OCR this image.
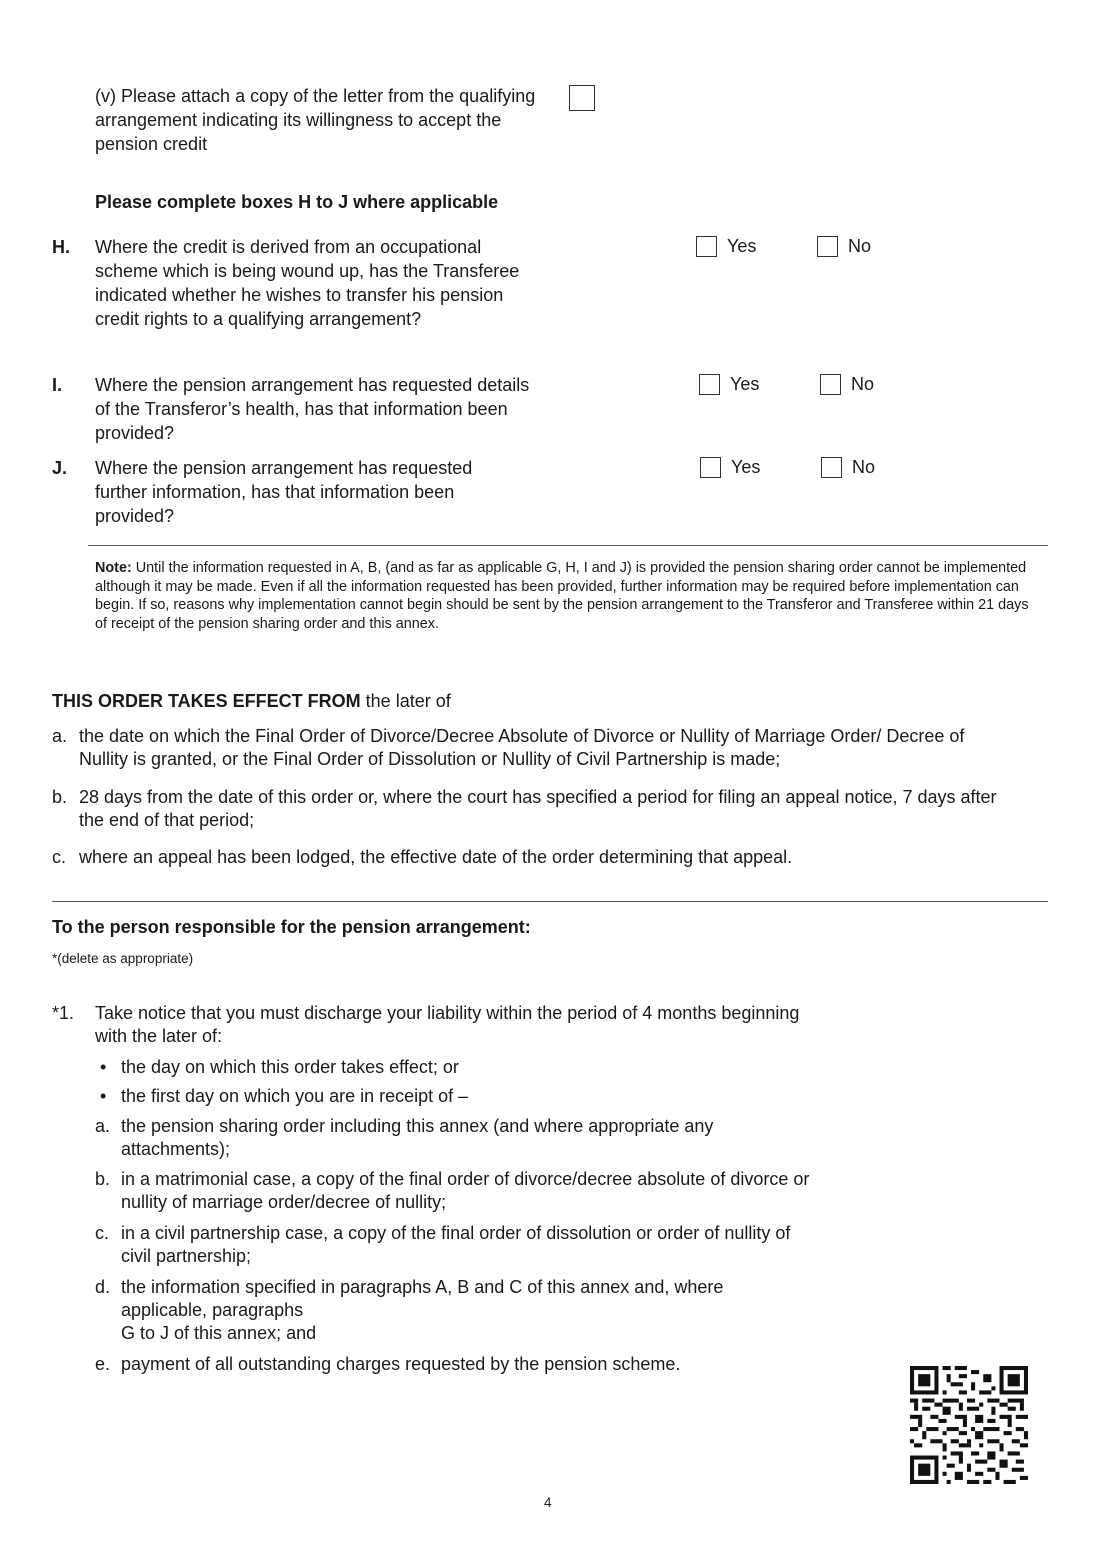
(v) Please attach a copy of the letter from the qualifying arrangement indicating its willingness to accept the pension credit
Please complete boxes H to J where applicable
H. Where the credit is derived from an occupational scheme which is being wound up, has the Transferee indicated whether he wishes to transfer his pension credit rights to a qualifying arrangement?
Yes	No
I. Where the pension arrangement has requested details of the Transferor’s health, has that information been provided?
Yes	No
J. Where the pension arrangement has requested further information, has that information been provided?
Yes	No
Note: Until the information requested in A, B, (and as far as applicable G, H, I and J) is provided the pension sharing order cannot be implemented although it may be made. Even if all the information requested has been provided, further information may be required before implementation can begin. If so, reasons why implementation cannot begin should be sent by the pension arrangement to the Transferor and Transferee within 21 days of receipt of the pension sharing order and this annex.
THIS ORDER TAKES EFFECT FROM the later of
a. the date on which the Final Order of Divorce/Decree Absolute of Divorce or Nullity of Marriage Order/ Decree of Nullity is granted, or the Final Order of Dissolution or Nullity of Civil Partnership is made;
b. 28 days from the date of this order or, where the court has specified a period for filing an appeal notice, 7 days after the end of that period;
c. where an appeal has been lodged, the effective date of the order determining that appeal.
To the person responsible for the pension arrangement:
*(delete as appropriate)
*1. Take notice that you must discharge your liability within the period of 4 months beginning with the later of:
• the day on which this order takes effect; or
• the first day on which you are in receipt of –
a. the pension sharing order including this annex (and where appropriate any attachments);
b. in a matrimonial case, a copy of the final order of divorce/decree absolute of divorce or nullity of marriage order/decree of nullity;
c. in a civil partnership case, a copy of the final order of dissolution or order of nullity of civil partnership;
d. the information specified in paragraphs A, B and C of this annex and, where
applicable, paragraphs
G to J of this annex; and
e. payment of all outstanding charges requested by the pension scheme.
4
